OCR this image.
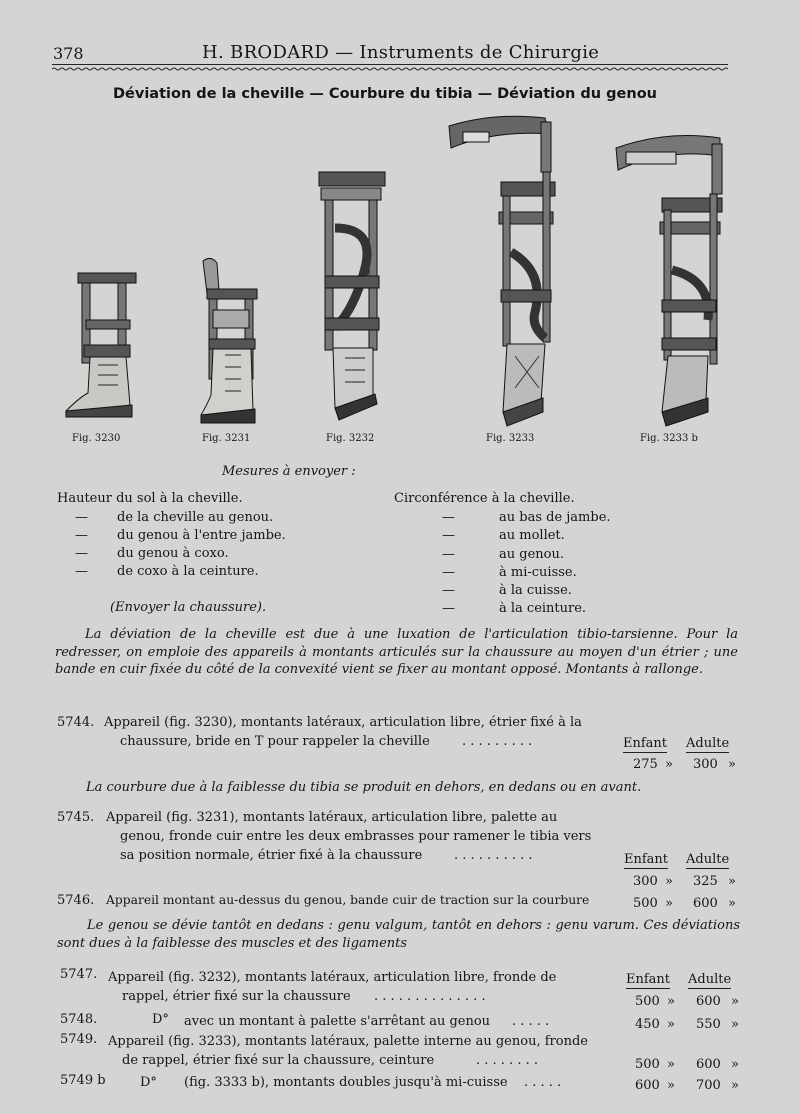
378	H. BRODARD — Instruments de Chirurgie
Déviation de la cheville — Courbure du tibia — Déviation du genou
Fig. 3230	Fig. 3231	Fig. 3232	Fig. 3233	Fig. 3233 b
Mesures à envoyer :
Hauteur du sol à la cheville.
— de la cheville au genou.
— du genou à l'entre jambe.
— du genou à coxo.
— de coxo à la ceinture.
(Envoyer la chaussure).
Circonférence à la cheville.
—	au bas de jambe.
—	au mollet.
—	au genou.
—	à mi-cuisse.
—	à la cuisse.
—	à la ceinture.
La déviation de la cheville est due à une luxation de l'articulation tibio-tarsienne. Pour la redresser, on emploie des appareils à montants articulés sur la chaussure au moyen d'un étrier ; une bande en cuir fixée du côté de la convexité vient se fixer au montant opposé. Montants à rallonge.
5744. Appareil (fig. 3230), montants latéraux, articulation libre, étrier fixé à la
chaussure, bride en T pour rappeler la cheville . . . . . . . . .	Enfant Adulte
275 » 300 »
La courbure due à la faiblesse du tibia se produit en dehors, en dedans ou en avant.
5745. Appareil (fig. 3231), montants latéraux, articulation libre, palette au
genou, fronde cuir entre les deux embrasses pour ramener le tibia vers
sa position normale, étrier fixé à la chaussure . . . . . . . . . .	Enfant Adulte
300 » 325 »
5746. Appareil montant au-dessus du genou, bande cuir de traction sur la courbure	500 » 600 »
Le genou se dévie tantôt en dedans : genu valgum, tantôt en dehors : genu varum. Ces déviations sont dues à la faiblesse des muscles et des ligaments
5747. Appareil (fig. 3232), montants latéraux, articulation libre, fronde de	Enfant Adulte
rappel, étrier fixé sur la chaussure . . . . . . . . . . . . . .	500 » 600 »
5748.	D° avec un montant à palette s'arrêtant au genou . . . . .	450 » 550 »
5749. Appareil (fig. 3233), montants latéraux, palette interne au genou, fronde
de rappel, étrier fixé sur la chaussure, ceinture	. . . . . . . .	500 » 600 »
5749 b	D° (fig. 3333 b), montants doubles jusqu'à mi-cuisse . . . . .	600 » 700 »
